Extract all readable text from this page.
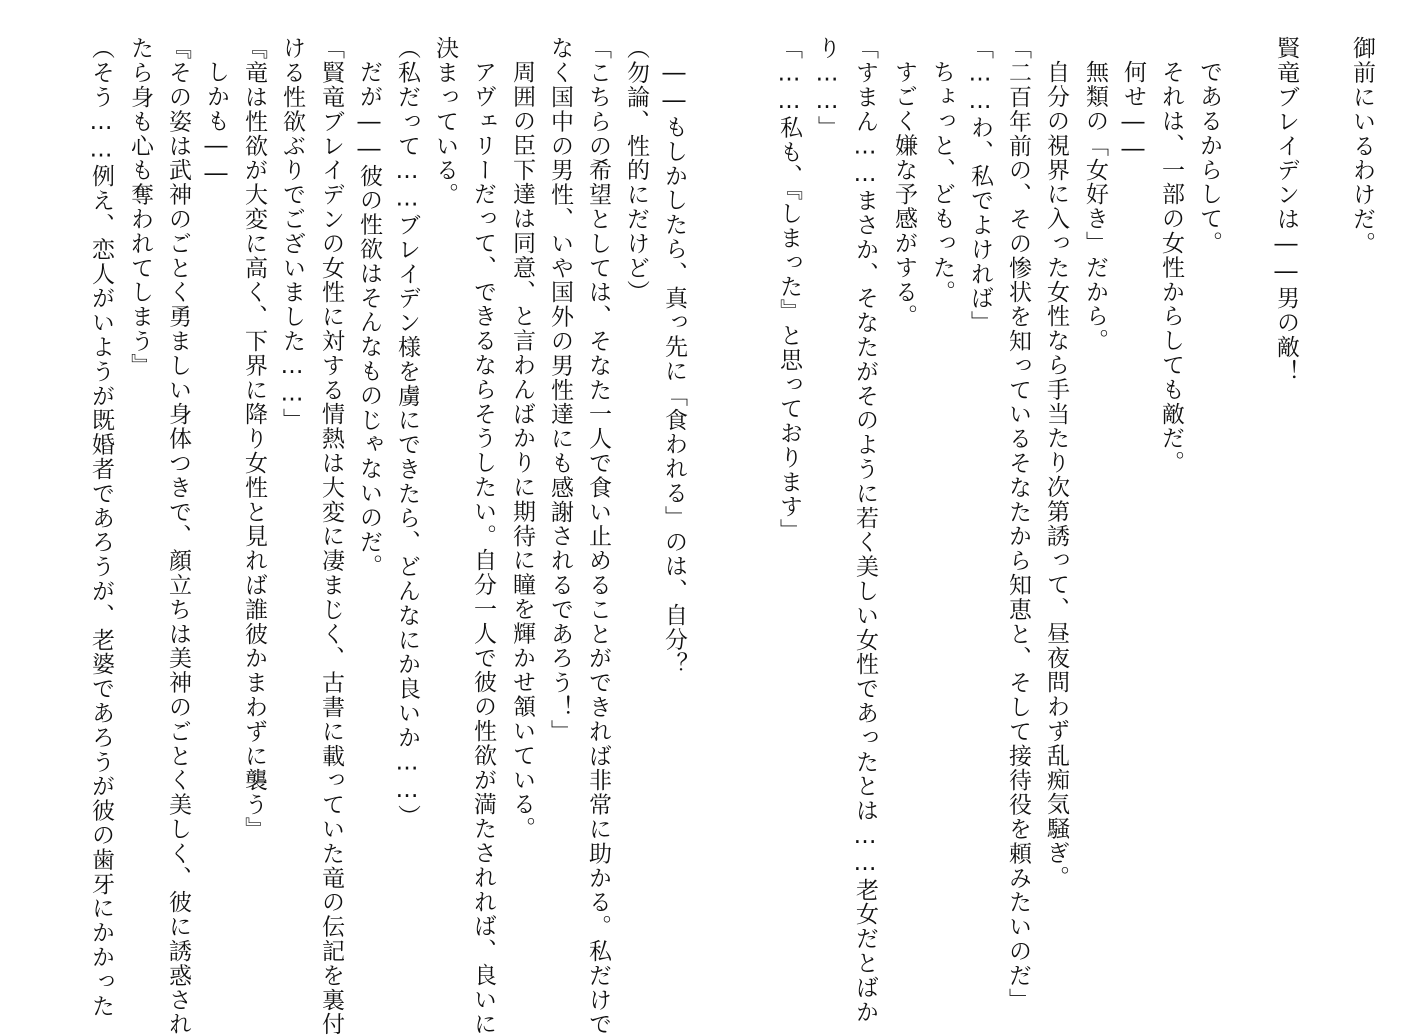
御前にいるわけだ。
賢竜ブレイデンは――男の敵！
であるからして。
それは、一部の女性からしても敵だ。
何せ――
無類の「女好き」だから。
自分の視界に入った女性なら手当たり次第誘って、昼夜問わず乱痴気騒ぎ。
「二百年前の、その惨状を知っているそなたから知恵と、そして接待役を頼みたいのだ」
「……わ、私でよければ」
ちょっと、どもった。
すごく嫌な予感がする。
「すまん……まさか、そなたがそのように若く美しい女性であったとは……老女だとばか
り……」
「……私も、『しまった』と思っております」
――もしかしたら、真っ先に「食われる」のは、自分？
（勿論、性的にだけど）
「こちらの希望としては、そなた一人で食い止めることができれば非常に助かる。私だけで
なく国中の男性、いや国外の男性達にも感謝されるであろう！」
周囲の臣下達は同意、と言わんばかりに期待に瞳を輝かせ頷いている。
アヴェリーだって、できるならそうしたい。自分一人で彼の性欲が満たされれば、良いに
決まっている。
（私だって……ブレイデン様を虜にできたら、どんなにか良いか……）
だが――彼の性欲はそんなものじゃないのだ。
「賢竜ブレイデンの女性に対する情熱は大変に凄まじく、古書に載っていた竜の伝記を裏付
ける性欲ぶりでございました……」
『竜は性欲が大変に高く、下界に降り女性と見れば誰彼かまわずに襲う』
しかも――
『その姿は武神のごとく勇ましい身体つきで、顔立ちは美神のごとく美しく、彼に誘惑され
たら身も心も奪われてしまう』
（そう……例え、恋人がいようが既婚者であろうが、老婆であろうが彼の歯牙にかかった
